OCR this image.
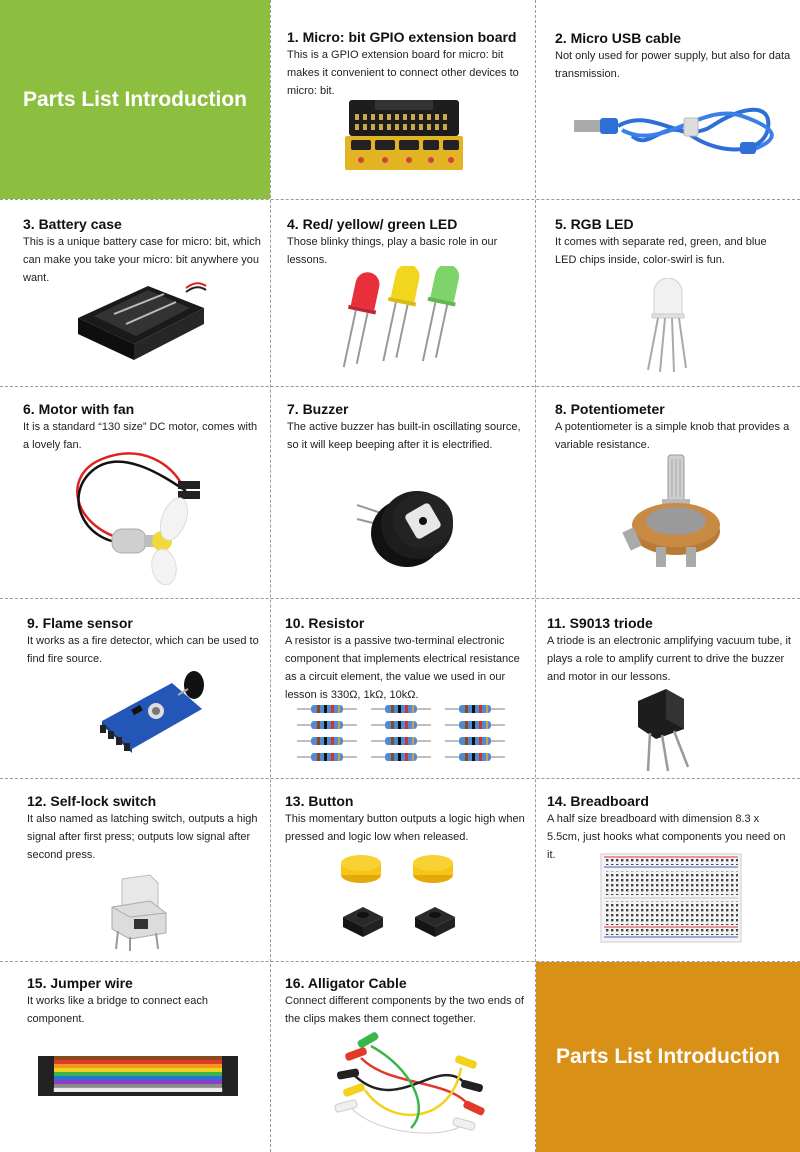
Parts List Introduction
1. Micro: bit GPIO extension board
This is a GPIO extension board for micro: bit makes it convenient to connect other devices to micro: bit.
2. Micro USB cable
Not only used for power supply, but also for data transmission.
3. Battery case
This is a unique battery case for micro: bit, which can make you take your micro: bit anywhere you want.
4. Red/ yellow/ green LED
Those blinky things, play a basic role in our lessons.
5. RGB LED
It comes with separate red, green, and blue LED chips inside, color-swirl is fun.
6. Motor with fan
It is a standard “130 size” DC motor, comes with a lovely fan.
7. Buzzer
The active buzzer has built-in oscillating source, so it will keep beeping after it is electrified.
8. Potentiometer
A potentiometer is a simple knob that provides a variable resistance.
9. Flame sensor
It works as a fire detector, which can be used to find fire source.
10. Resistor
A resistor is a passive two-terminal electronic component that implements electrical resistance as a circuit element, the value we used in our lesson is 330Ω, 1kΩ, 10kΩ.
11. S9013 triode
A triode is an electronic amplifying vacuum tube, it plays a role to amplify current to drive the buzzer and motor in our lessons.
12. Self-lock switch
It also named as latching switch, outputs a high signal after first press; outputs low signal after second press.
13. Button
This momentary button outputs a logic high when pressed and logic low when released.
14. Breadboard
A half size breadboard with dimension 8.3 x 5.5cm, just hooks what components you need on it.
15. Jumper wire
It works like a bridge to connect each component.
16. Alligator Cable
Connect different components by the two ends of the clips makes them connect together.
Parts List Introduction
